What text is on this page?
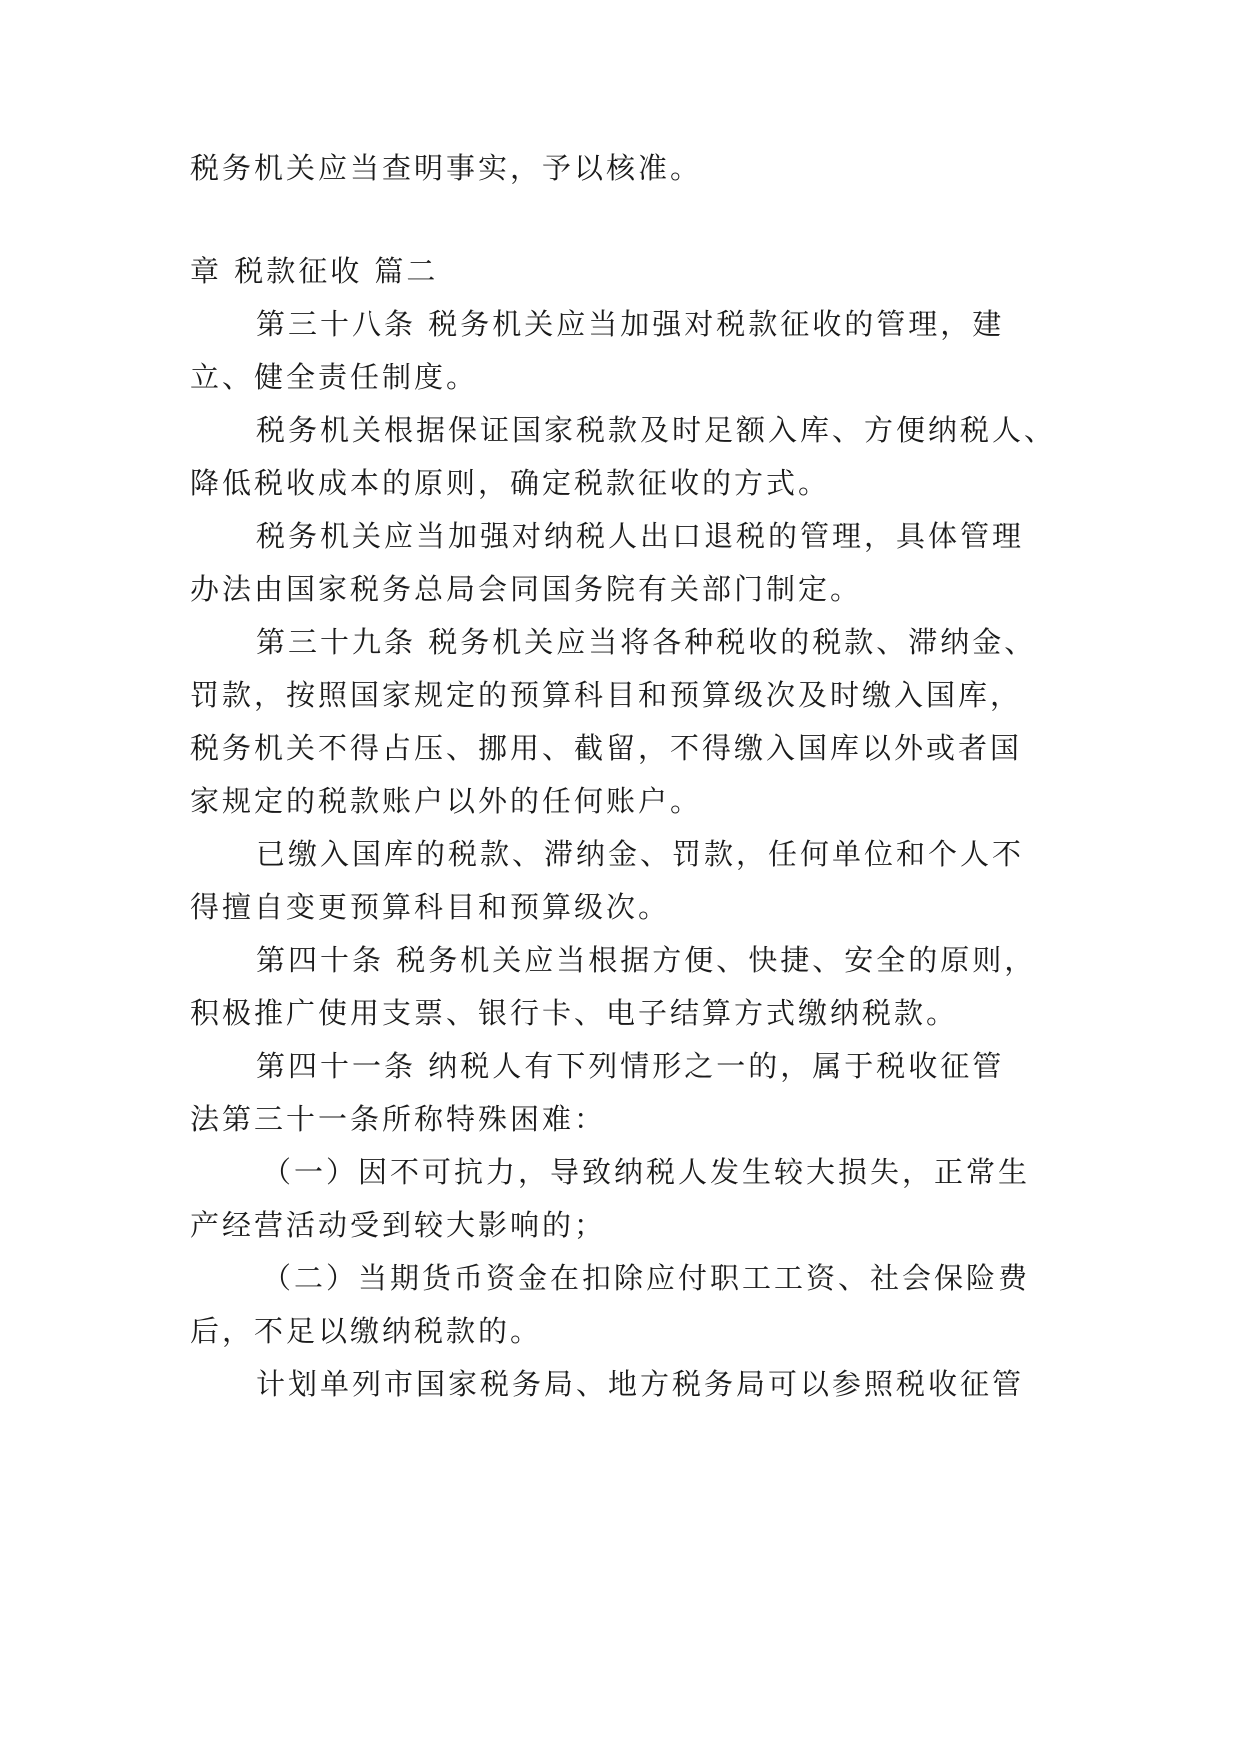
税务机关应当查明事实，予以核准。
章 税款征收 篇二
第三十八条 税务机关应当加强对税款征收的管理，建
立、健全责任制度。
税务机关根据保证国家税款及时足额入库、方便纳税人、
降低税收成本的原则，确定税款征收的方式。
税务机关应当加强对纳税人出口退税的管理，具体管理
办法由国家税务总局会同国务院有关部门制定。
第三十九条 税务机关应当将各种税收的税款、滞纳金、
罚款，按照国家规定的预算科目和预算级次及时缴入国库，
税务机关不得占压、挪用、截留，不得缴入国库以外或者国
家规定的税款账户以外的任何账户。
已缴入国库的税款、滞纳金、罚款，任何单位和个人不
得擅自变更预算科目和预算级次。
第四十条 税务机关应当根据方便、快捷、安全的原则，
积极推广使用支票、银行卡、电子结算方式缴纳税款。
第四十一条 纳税人有下列情形之一的，属于税收征管
法第三十一条所称特殊困难：
（一）因不可抗力，导致纳税人发生较大损失，正常生
产经营活动受到较大影响的；
（二）当期货币资金在扣除应付职工工资、社会保险费
后，不足以缴纳税款的。
计划单列市国家税务局、地方税务局可以参照税收征管
